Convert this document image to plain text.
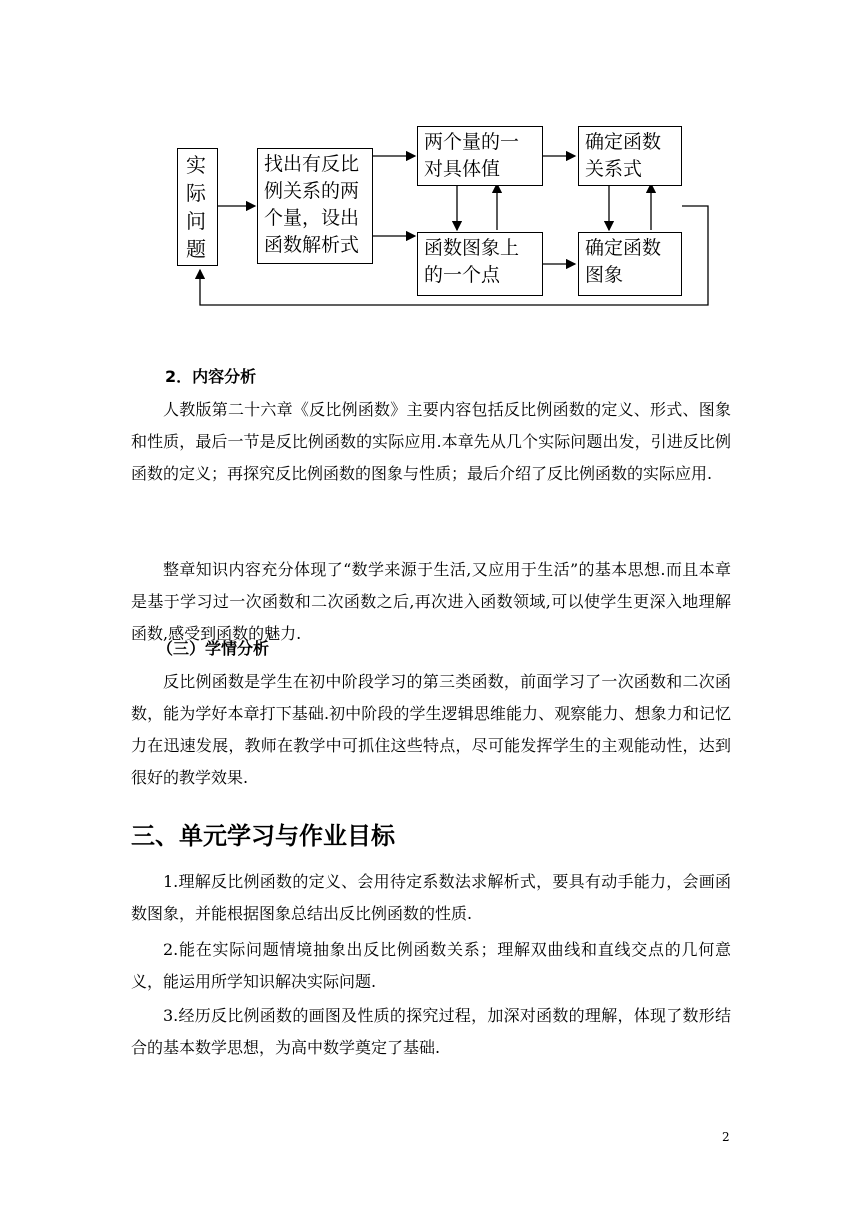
实
际
问
题
找出有反比
例关系的两
个量，设出
函数解析式
两个量的一
对具体值
函数图象上
的一个点
确定函数
关系式
确定函数
图象
2．内容分析
人教版第二十六章《反比例函数》主要内容包括反比例函数的定义、形式、图象和性质，最后一节是反比例函数的实际应用.本章先从几个实际问题出发，引进反比例函数的定义；再探究反比例函数的图象与性质；最后介绍了反比例函数的实际应用.
整章知识内容充分体现了“数学来源于生活,又应用于生活”的基本思想.而且本章是基于学习过一次函数和二次函数之后,再次进入函数领域,可以使学生更深入地理解函数,感受到函数的魅力.
（三）学情分析
反比例函数是学生在初中阶段学习的第三类函数，前面学习了一次函数和二次函数，能为学好本章打下基础.初中阶段的学生逻辑思维能力、观察能力、想象力和记忆力在迅速发展，教师在教学中可抓住这些特点，尽可能发挥学生的主观能动性，达到很好的教学效果.
三、单元学习与作业目标
1.理解反比例函数的定义、会用待定系数法求解析式，要具有动手能力，会画函数图象，并能根据图象总结出反比例函数的性质.
2.能在实际问题情境抽象出反比例函数关系；理解双曲线和直线交点的几何意义，能运用所学知识解决实际问题.
3.经历反比例函数的画图及性质的探究过程，加深对函数的理解，体现了数形结合的基本数学思想，为高中数学奠定了基础.
2
